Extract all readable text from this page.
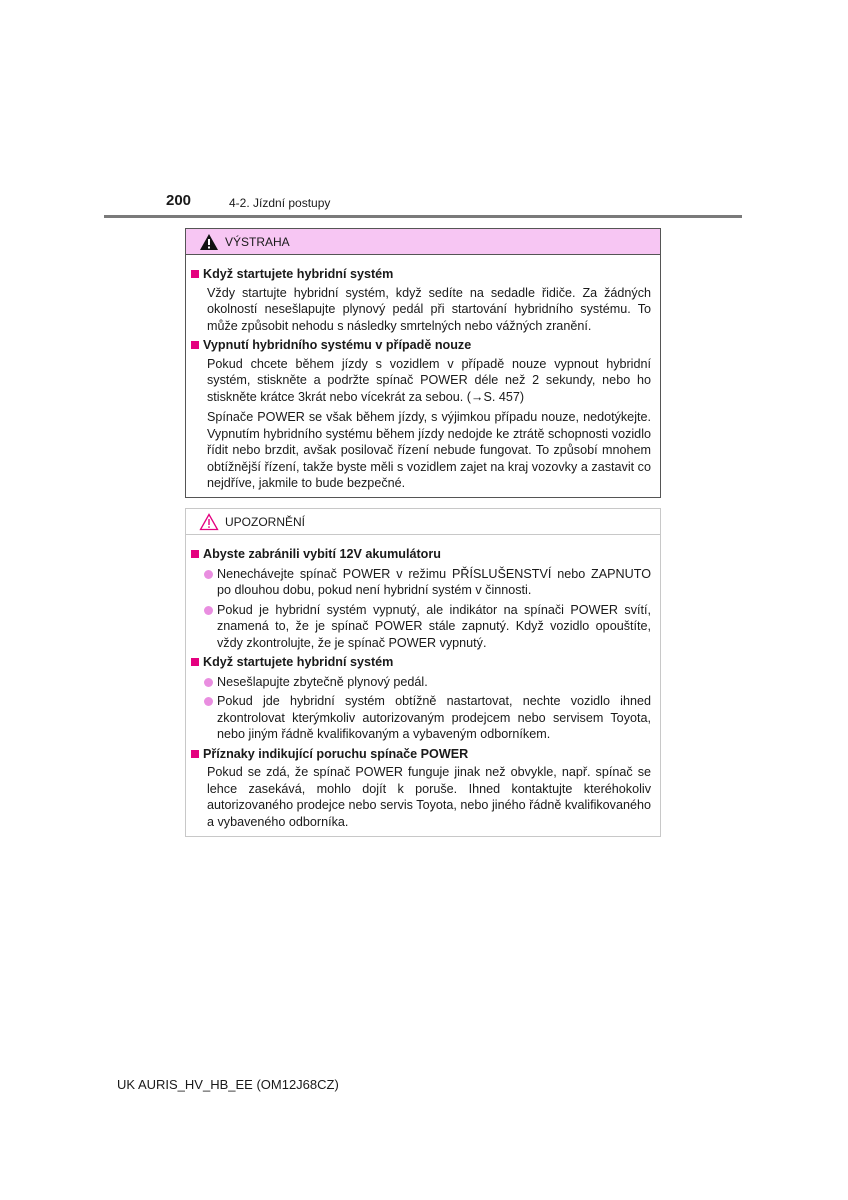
200	4-2. Jízdní postupy
VÝSTRAHA
Když startujete hybridní systém
Vždy startujte hybridní systém, když sedíte na sedadle řidiče. Za žádných okolností nesešlapujte plynový pedál při startování hybridního systému. To může způsobit nehodu s následky smrtelných nebo vážných zranění.
Vypnutí hybridního systému v případě nouze
Pokud chcete během jízdy s vozidlem v případě nouze vypnout hybridní systém, stiskněte a podržte spínač POWER déle než 2 sekundy, nebo ho stiskněte krátce 3krát nebo vícekrát za sebou. (→S. 457)
Spínače POWER se však během jízdy, s výjimkou případu nouze, nedotýkejte. Vypnutím hybridního systému během jízdy nedojde ke ztrátě schopnosti vozidlo řídit nebo brzdit, avšak posilovač řízení nebude fungovat. To způsobí mnohem obtížnější řízení, takže byste měli s vozidlem zajet na kraj vozovky a zastavit co nejdříve, jakmile to bude bezpečné.
UPOZORNĚNÍ
Abyste zabránili vybití 12V akumulátoru
Nenechávejte spínač POWER v režimu PŘÍSLUŠENSTVÍ nebo ZAPNUTO po dlouhou dobu, pokud není hybridní systém v činnosti.
Pokud je hybridní systém vypnutý, ale indikátor na spínači POWER svítí, znamená to, že je spínač POWER stále zapnutý. Když vozidlo opouštíte, vždy zkontrolujte, že je spínač POWER vypnutý.
Když startujete hybridní systém
Nesešlapujte zbytečně plynový pedál.
Pokud jde hybridní systém obtížně nastartovat, nechte vozidlo ihned zkontrolovat kterýmkoliv autorizovaným prodejcem nebo servisem Toyota, nebo jiným řádně kvalifikovaným a vybaveným odborníkem.
Příznaky indikující poruchu spínače POWER
Pokud se zdá, že spínač POWER funguje jinak než obvykle, např. spínač se lehce zasekává, mohlo dojít k poruše. Ihned kontaktujte kteréhokoliv autorizovaného prodejce nebo servis Toyota, nebo jiného řádně kvalifikovaného a vybaveného odborníka.
UK AURIS_HV_HB_EE (OM12J68CZ)
